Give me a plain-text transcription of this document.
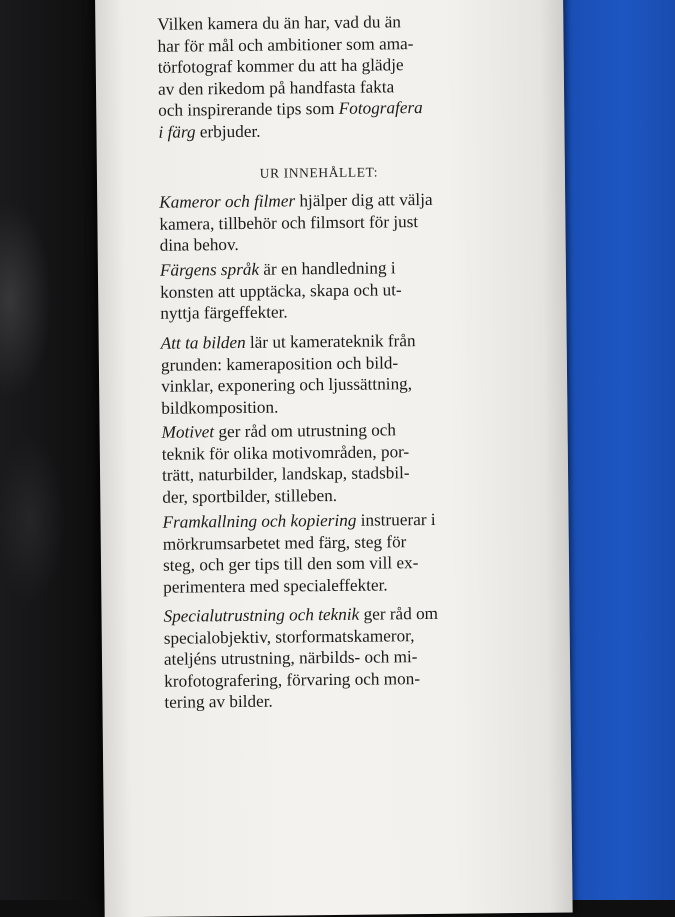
Vilken kamera du än har, vad du än

har för mål och ambitioner som ama-

törfotograf kommer du att ha glädje

av den rikedom på handfasta fakta

och inspirerande tips som Fotografera

i färg erbjuder.

UR INNEHÅLLET:

Kameror och filmer hjälper dig att välja

kamera, tillbehör och filmsort för just

dina behov.

Färgens språk är en handledning i

konsten att upptäcka, skapa och ut-

nyttja färgeffekter.

Att ta bilden lär ut kamerateknik från

grunden: kameraposition och bild-

vinklar, exponering och ljussättning,

bildkomposition.

Motivet ger råd om utrustning och

teknik för olika motivområden, por-

trätt, naturbilder, landskap, stadsbil-

der, sportbilder, stilleben.

Framkallning och kopiering instruerar i

mörkrumsarbetet med färg, steg för

steg, och ger tips till den som vill ex-

perimentera med specialeffekter.

Specialutrustning och teknik ger råd om

specialobjektiv, storformatskameror,

ateljéns utrustning, närbilds- och mi-

krofotografering, förvaring och mon-

tering av bilder.
